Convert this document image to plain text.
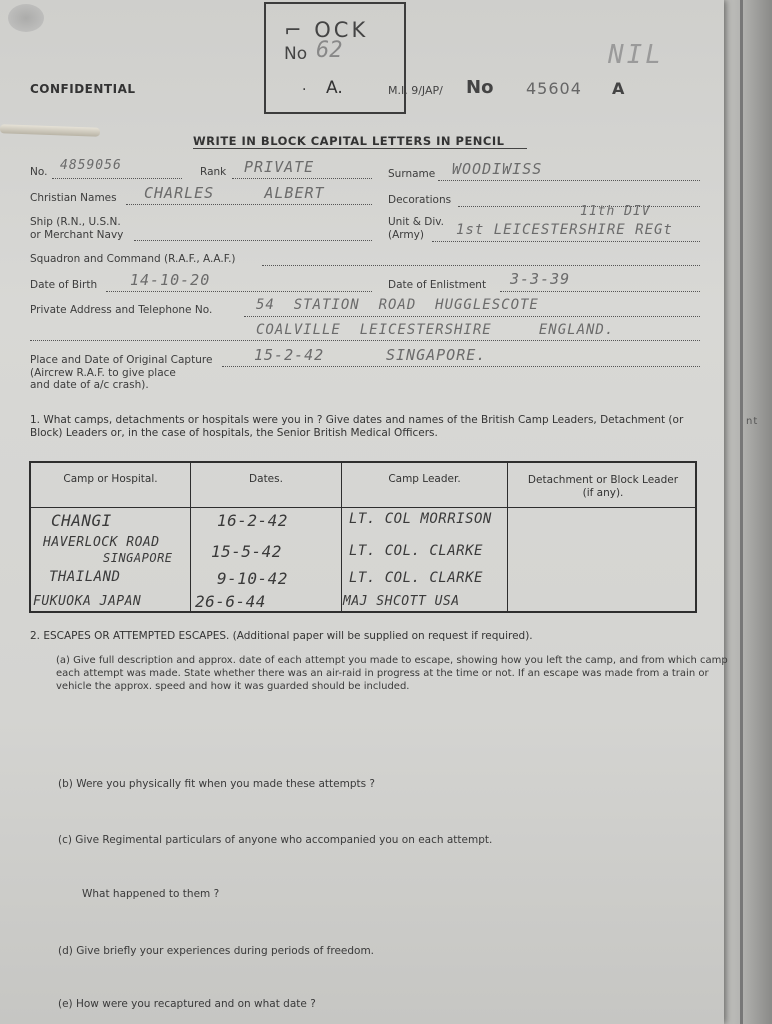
nt
⌐ OCK
No 62
· A.
NIL
CONFIDENTIAL	M.I. 9/JAP/ No 45604 A
WRITE IN BLOCK CAPITAL LETTERS IN PENCIL
No. 4859056	Rank PRIVATE	Surname WOODIWISS
Christian Names CHARLES     ALBERT	Decorations
Ship (R.N., U.S.N.
or Merchant Navy
Unit & Div.
(Army)
11th DIV
1st LEICESTERSHIRE REGt
Squadron and Command (R.A.F., A.A.F.)
Date of Birth 14-10-20	Date of Enlistment 3-3-39
Private Address and Telephone No.	54  STATION  ROAD  HUGGLESCOTE
COALVILLE  LEICESTERSHIRE     ENGLAND.
Place and Date of Original Capture
(Aircrew R.A.F. to give place
and date of a/c crash).
15-2-42	SINGAPORE.
1. What camps, detachments or hospitals were you in ? Give dates and names of the British Camp Leaders, Detachment (or Block) Leaders or, in the case of hospitals, the Senior British Medical Officers.
Camp or Hospital.	Dates.	Camp Leader.	Detachment or Block Leader (if any).
CHANGI	16-2-42	LT. COL MORRISON
HAVERLOCK ROAD
SINGAPORE 15-5-42	LT. COL. CLARKE
THAILAND	9-10-42	LT. COL. CLARKE
FUKUOKA JAPAN	26-6-44	MAJ SHCOTT USA
2. ESCAPES OR ATTEMPTED ESCAPES. (Additional paper will be supplied on request if required).
(a) Give full description and approx. date of each attempt you made to escape, showing how you left the camp, and from which camp each attempt was made. State whether there was an air-raid in progress at the time or not. If an escape was made from a train or vehicle the approx. speed and how it was guarded should be included.
(b) Were you physically fit when you made these attempts ?
(c) Give Regimental particulars of anyone who accompanied you on each attempt.
What happened to them ?
(d) Give briefly your experiences during periods of freedom.
(e) How were you recaptured and on what date ?
